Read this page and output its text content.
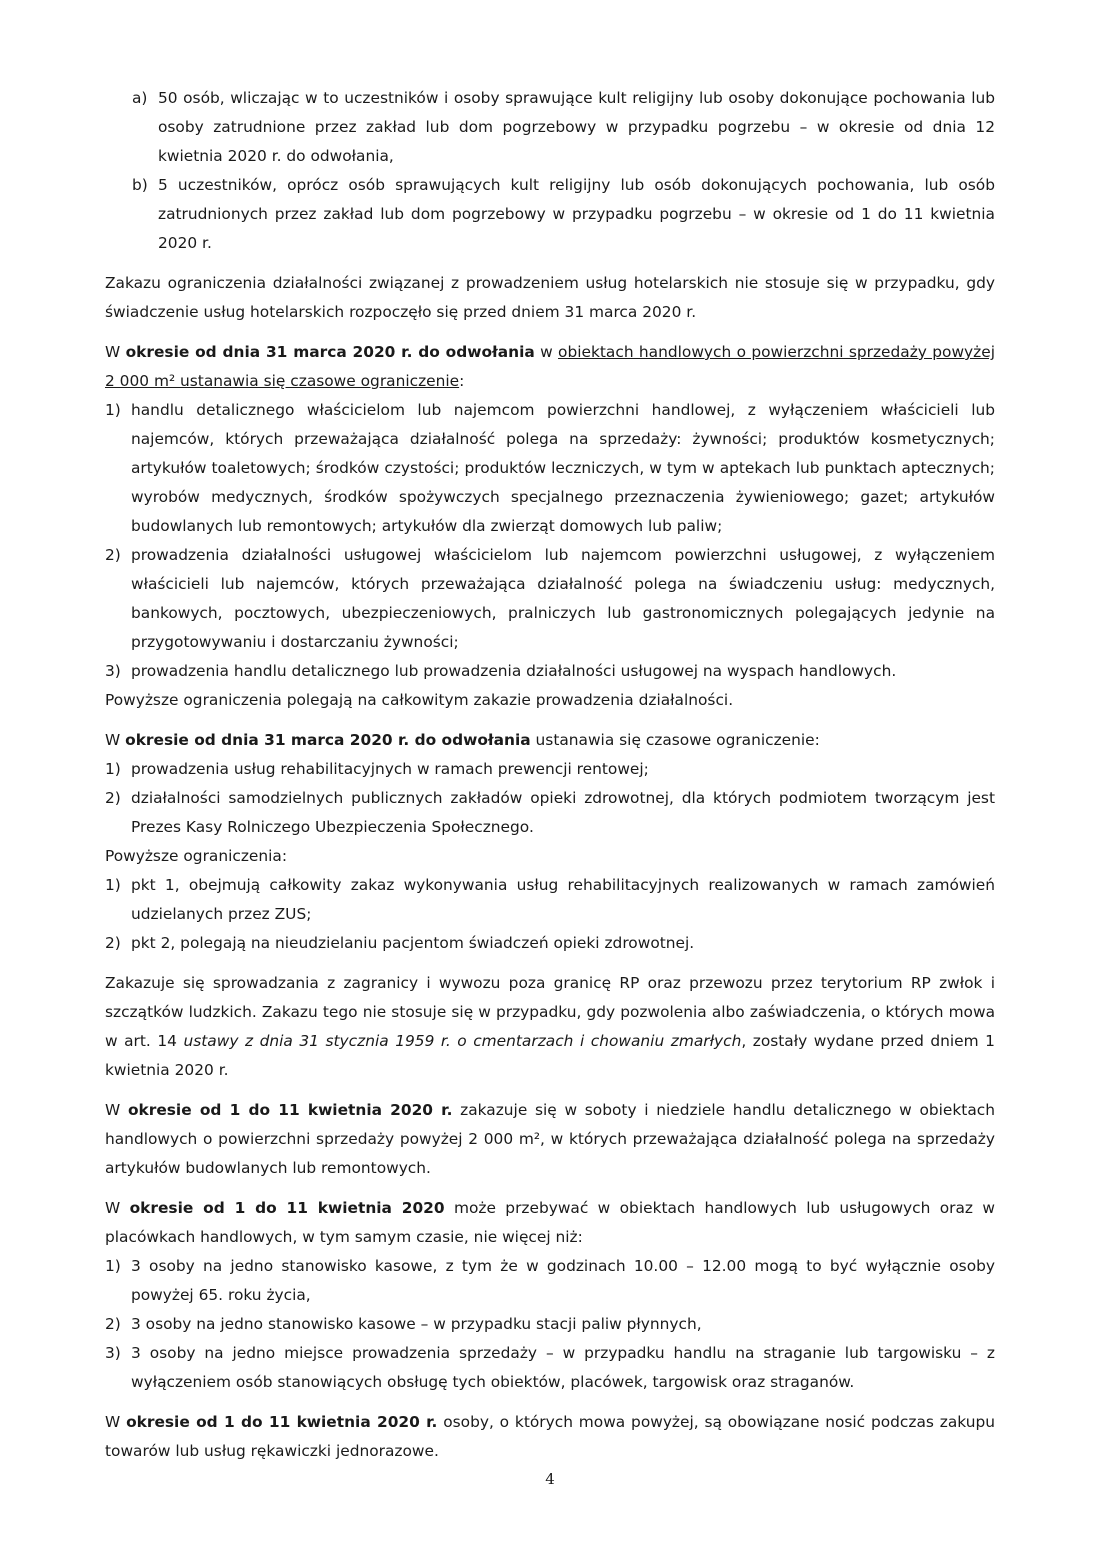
a) 50 osób, wliczając w to uczestników i osoby sprawujące kult religijny lub osoby dokonujące pochowania lub osoby zatrudnione przez zakład lub dom pogrzebowy w przypadku pogrzebu – w okresie od dnia 12 kwietnia 2020 r. do odwołania,
b) 5 uczestników, oprócz osób sprawujących kult religijny lub osób dokonujących pochowania, lub osób zatrudnionych przez zakład lub dom pogrzebowy w przypadku pogrzebu – w okresie od 1 do 11 kwietnia 2020 r.

Zakazu ograniczenia działalności związanej z prowadzeniem usług hotelarskich nie stosuje się w przypadku, gdy świadczenie usług hotelarskich rozpoczęło się przed dniem 31 marca 2020 r.

W okresie od dnia 31 marca 2020 r. do odwołania w obiektach handlowych o powierzchni sprzedaży powyżej 2 000 m² ustanawia się czasowe ograniczenie:

1) handlu detalicznego właścicielom lub najemcom powierzchni handlowej, z wyłączeniem właścicieli lub najemców, których przeważająca działalność polega na sprzedaży: żywności; produktów kosmetycznych; artykułów toaletowych; środków czystości; produktów leczniczych, w tym w aptekach lub punktach aptecznych; wyrobów medycznych, środków spożywczych specjalnego przeznaczenia żywieniowego; gazet; artykułów budowlanych lub remontowych; artykułów dla zwierząt domowych lub paliw;
2) prowadzenia działalności usługowej właścicielom lub najemcom powierzchni usługowej, z wyłączeniem właścicieli lub najemców, których przeważająca działalność polega na świadczeniu usług: medycznych, bankowych, pocztowych, ubezpieczeniowych, pralniczych lub gastronomicznych polegających jedynie na przygotowywaniu i dostarczaniu żywności;
3) prowadzenia handlu detalicznego lub prowadzenia działalności usługowej na wyspach handlowych.

Powyższe ograniczenia polegają na całkowitym zakazie prowadzenia działalności.

W okresie od dnia 31 marca 2020 r. do odwołania ustanawia się czasowe ograniczenie:

1) prowadzenia usług rehabilitacyjnych w ramach prewencji rentowej;
2) działalności samodzielnych publicznych zakładów opieki zdrowotnej, dla których podmiotem tworzącym jest Prezes Kasy Rolniczego Ubezpieczenia Społecznego.

Powyższe ograniczenia:

1) pkt 1, obejmują całkowity zakaz wykonywania usług rehabilitacyjnych realizowanych w ramach zamówień udzielanych przez ZUS;
2) pkt 2, polegają na nieudzielaniu pacjentom świadczeń opieki zdrowotnej.

Zakazuje się sprowadzania z zagranicy i wywozu poza granicę RP oraz przewozu przez terytorium RP zwłok i szczątków ludzkich. Zakazu tego nie stosuje się w przypadku, gdy pozwolenia albo zaświadczenia, o których mowa w art. 14 ustawy z dnia 31 stycznia 1959 r. o cmentarzach i chowaniu zmarłych, zostały wydane przed dniem 1 kwietnia 2020 r.

W okresie od 1 do 11 kwietnia 2020 r. zakazuje się w soboty i niedziele handlu detalicznego w obiektach handlowych o powierzchni sprzedaży powyżej 2 000 m², w których przeważająca działalność polega na sprzedaży artykułów budowlanych lub remontowych.

W okresie od 1 do 11 kwietnia 2020 może przebywać w obiektach handlowych lub usługowych oraz w placówkach handlowych, w tym samym czasie, nie więcej niż:

1) 3 osoby na jedno stanowisko kasowe, z tym że w godzinach 10.00 – 12.00 mogą to być wyłącznie osoby powyżej 65. roku życia,
2) 3 osoby na jedno stanowisko kasowe – w przypadku stacji paliw płynnych,
3) 3 osoby na jedno miejsce prowadzenia sprzedaży – w przypadku handlu na straganie lub targowisku – z wyłączeniem osób stanowiących obsługę tych obiektów, placówek, targowisk oraz straganów.

W okresie od 1 do 11 kwietnia 2020 r. osoby, o których mowa powyżej, są obowiązane nosić podczas zakupu towarów lub usług rękawiczki jednorazowe.

4
